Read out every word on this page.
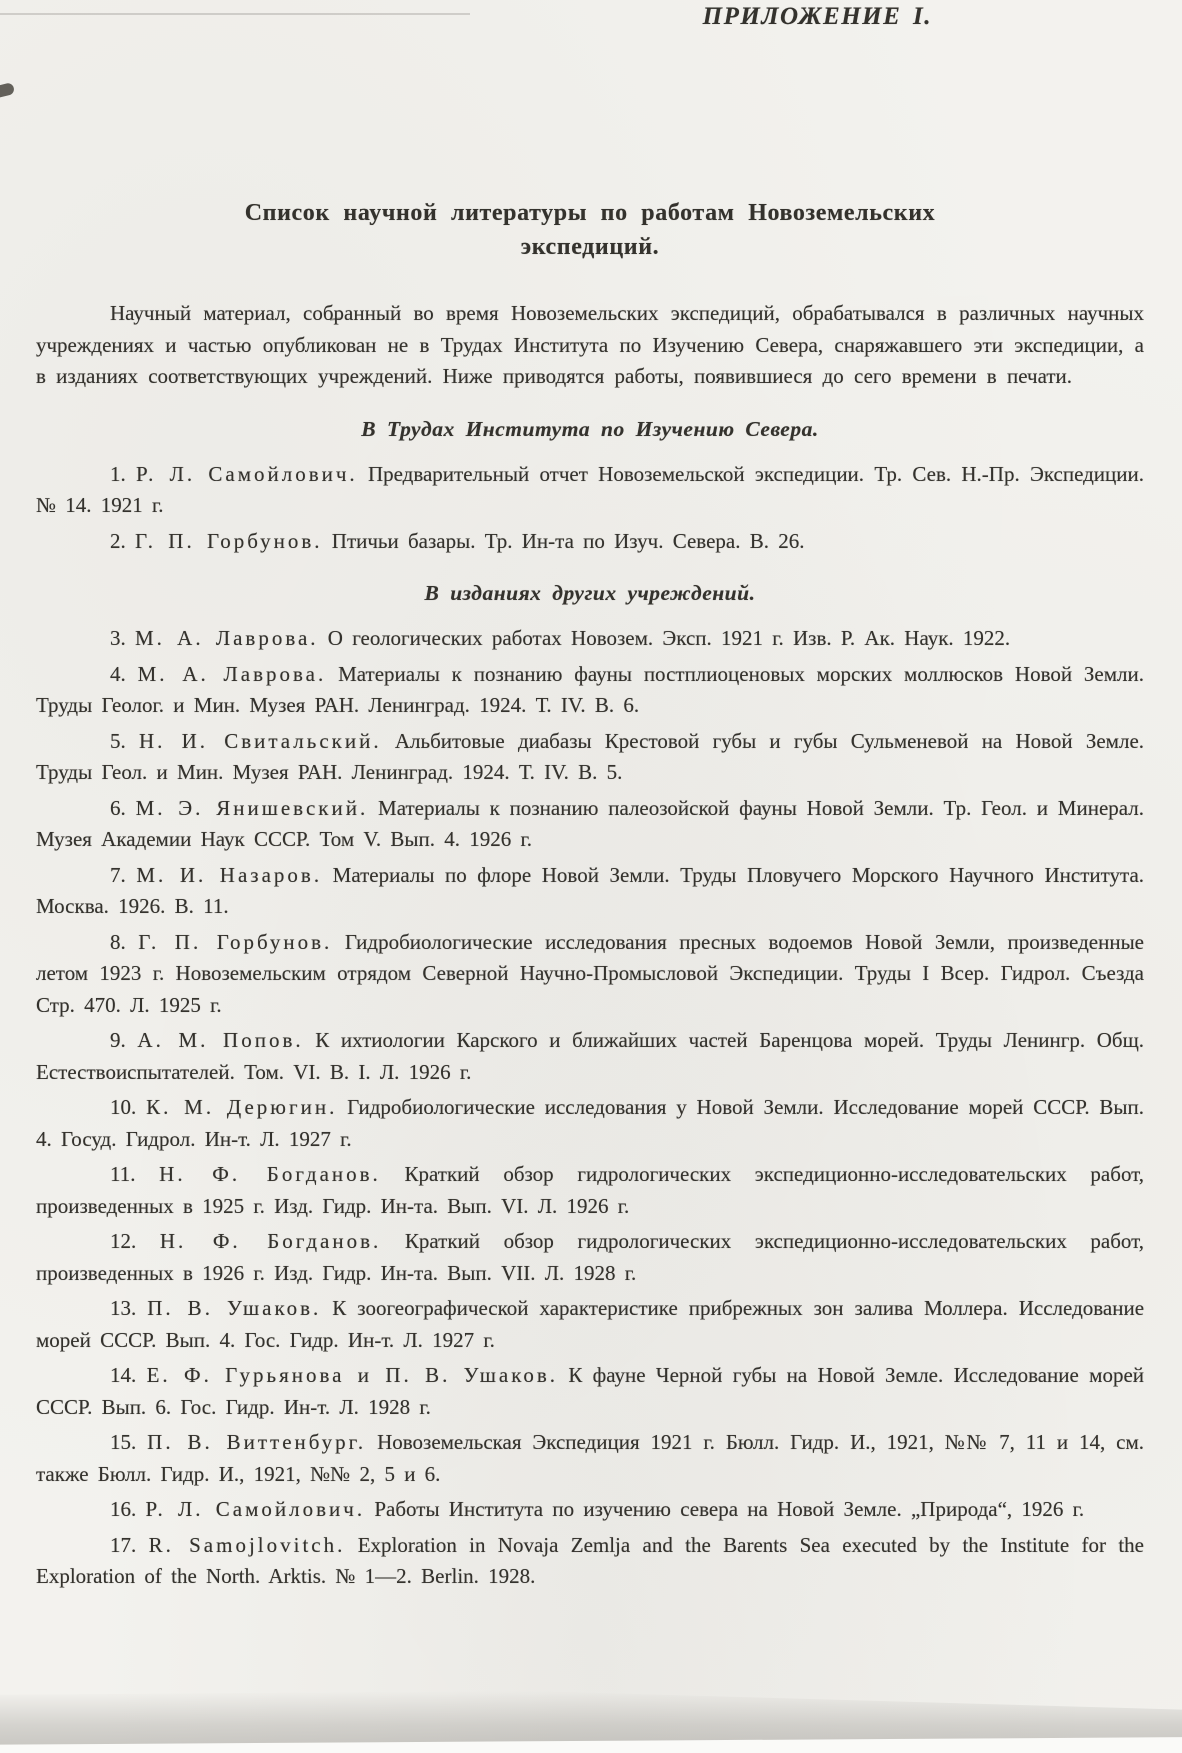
ПРИЛОЖЕНИЕ I.
Список научной литературы по работам Новоземельских
экспедиций.

Научный материал, собранный во время Новоземельских экспедиций, обрабатывался в различных научных учреждениях и частью опубликован не в Трудах Института по Изучению Севера, снаряжавшего эти экспедиции, а в изданиях соответствующих учреждений. Ниже приводятся работы, появившиеся до сего времени в печати.

В Трудах Института по Изучению Севера.

1. Р. Л. Самойлович. Предварительный отчет Новоземельской экспедиции. Тр. Сев. Н.-Пр. Экспедиции. № 14. 1921 г.

2. Г. П. Горбунов. Птичьи базары. Тр. Ин-та по Изуч. Севера. В. 26.

В изданиях других учреждений.

3. М. А. Лаврова. О геологических работах Новозем. Эксп. 1921 г. Изв. Р. Ак. Наук. 1922.

4. М. А. Лаврова. Материалы к познанию фауны постплиоценовых морских моллюсков Новой Земли. Труды Геолог. и Мин. Музея РАН. Ленинград. 1924. Т. IV. В. 6.

5. Н. И. Свитальский. Альбитовые диабазы Крестовой губы и губы Сульменевой на Новой Земле. Труды Геол. и Мин. Музея РАН. Ленинград. 1924. Т. IV. В. 5.

6. М. Э. Янишевский. Материалы к познанию палеозойской фауны Новой Земли. Тр. Геол. и Минерал. Музея Академии Наук СССР. Том V. Вып. 4. 1926 г.

7. М. И. Назаров. Материалы по флоре Новой Земли. Труды Пловучего Морского Научного Института. Москва. 1926. В. 11.

8. Г. П. Горбунов. Гидробиологические исследования пресных водоемов Новой Земли, произведенные летом 1923 г. Новоземельским отрядом Северной Научно-Промысловой Экспедиции. Труды I Всер. Гидрол. Съезда Стр. 470. Л. 1925 г.

9. А. М. Попов. К ихтиологии Карского и ближайших частей Баренцова морей. Труды Ленингр. Общ. Естествоиспытателей. Том. VI. В. I. Л. 1926 г.

10. К. М. Дерюгин. Гидробиологические исследования у Новой Земли. Исследование морей СССР. Вып. 4. Госуд. Гидрол. Ин-т. Л. 1927 г.

11. Н. Ф. Богданов. Краткий обзор гидрологических экспедиционно-исследовательских работ, произведенных в 1925 г. Изд. Гидр. Ин-та. Вып. VI. Л. 1926 г.

12. Н. Ф. Богданов. Краткий обзор гидрологических экспедиционно-исследовательских работ, произведенных в 1926 г. Изд. Гидр. Ин-та. Вып. VII. Л. 1928 г.

13. П. В. Ушаков. К зоогеографической характеристике прибрежных зон залива Моллера. Исследование морей СССР. Вып. 4. Гос. Гидр. Ин-т. Л. 1927 г.

14. Е. Ф. Гурьянова и П. В. Ушаков. К фауне Черной губы на Новой Земле. Исследование морей СССР. Вып. 6. Гос. Гидр. Ин-т. Л. 1928 г.

15. П. В. Виттенбург. Новоземельская Экспедиция 1921 г. Бюлл. Гидр. И., 1921, №№ 7, 11 и 14, см. также Бюлл. Гидр. И., 1921, №№ 2, 5 и 6.

16. Р. Л. Самойлович. Работы Института по изучению севера на Новой Земле. „Природа“, 1926 г.

17. R. Samojlovitch. Exploration in Novaja Zemlja and the Barents Sea executed by the Institute for the Exploration of the North. Arktis. № 1—2. Berlin. 1928.
